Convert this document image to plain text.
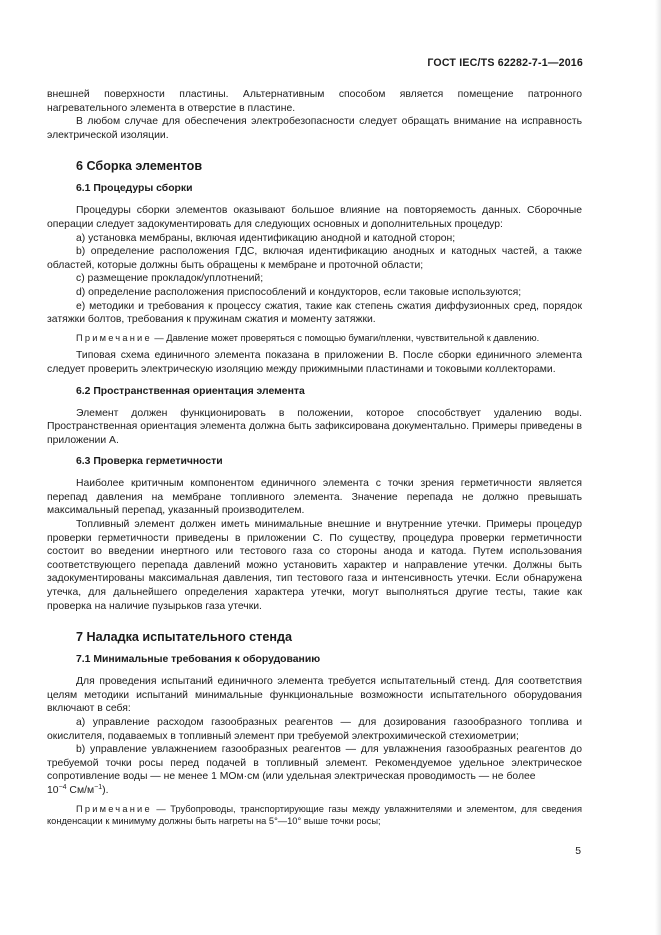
ГОСТ IEC/TS 62282-7-1—2016

внешней поверхности пластины. Альтернативным способом является помещение патронного нагревательного элемента в отверстие в пластине.

В любом случае для обеспечения электробезопасности следует обращать внимание на исправность электрической изоляции.

6 Сборка элементов
6.1 Процедуры сборки

Процедуры сборки элементов оказывают большое влияние на повторяемость данных. Сборочные операции следует задокументировать для следующих основных и дополнительных процедур:

a) установка мембраны, включая идентификацию анодной и катодной сторон;

b) определение расположения ГДС, включая идентификацию анодных и катодных частей, а также областей, которые должны быть обращены к мембране и проточной области;

c) размещение прокладок/уплотнений;

d) определение расположения приспособлений и кондукторов, если таковые используются;

e) методики и требования к процессу сжатия, такие как степень сжатия диффузионных сред, порядок затяжки болтов, требования к пружинам сжатия и моменту затяжки.

Примечание — Давление может проверяться с помощью бумаги/пленки, чувствительной к давлению.

Типовая схема единичного элемента показана в приложении B. После сборки единичного элемента следует проверить электрическую изоляцию между прижимными пластинами и токовыми коллекторами.

6.2 Пространственная ориентация элемента

Элемент должен функционировать в положении, которое способствует удалению воды. Пространственная ориентация элемента должна быть зафиксирована документально. Примеры приведены в приложении A.

6.3 Проверка герметичности

Наиболее критичным компонентом единичного элемента с точки зрения герметичности является перепад давления на мембране топливного элемента. Значение перепада не должно превышать максимальный перепад, указанный производителем.

Топливный элемент должен иметь минимальные внешние и внутренние утечки. Примеры процедур проверки герметичности приведены в приложении C. По существу, процедура проверки герметичности состоит во введении инертного или тестового газа со стороны анода и катода. Путем использования соответствующего перепада давлений можно установить характер и направление утечки. Должны быть задокументированы максимальная давления, тип тестового газа и интенсивность утечки. Если обнаружена утечка, для дальнейшего определения характера утечки, могут выполняться другие тесты, такие как проверка на наличие пузырьков газа утечки.

7 Наладка испытательного стенда
7.1 Минимальные требования к оборудованию

Для проведения испытаний единичного элемента требуется испытательный стенд. Для соответствия целям методики испытаний минимальные функциональные возможности испытательного оборудования включают в себя:

a) управление расходом газообразных реагентов — для дозирования газообразного топлива и окислителя, подаваемых в топливный элемент при требуемой электрохимической стехиометрии;

b) управление увлажнением газообразных реагентов — для увлажнения газообразных реагентов до требуемой точки росы перед подачей в топливный элемент. Рекомендуемое удельное электрическое сопротивление воды — не менее 1 МОм·см (или удельная электрическая проводимость — не более
$10^{-4}$ $См/м^{-1}$).

Примечание — Трубопроводы, транспортирующие газы между увлажнителями и элементом, для сведения конденсации к минимуму должны быть нагреты на 5°—10° выше точки росы;

5
